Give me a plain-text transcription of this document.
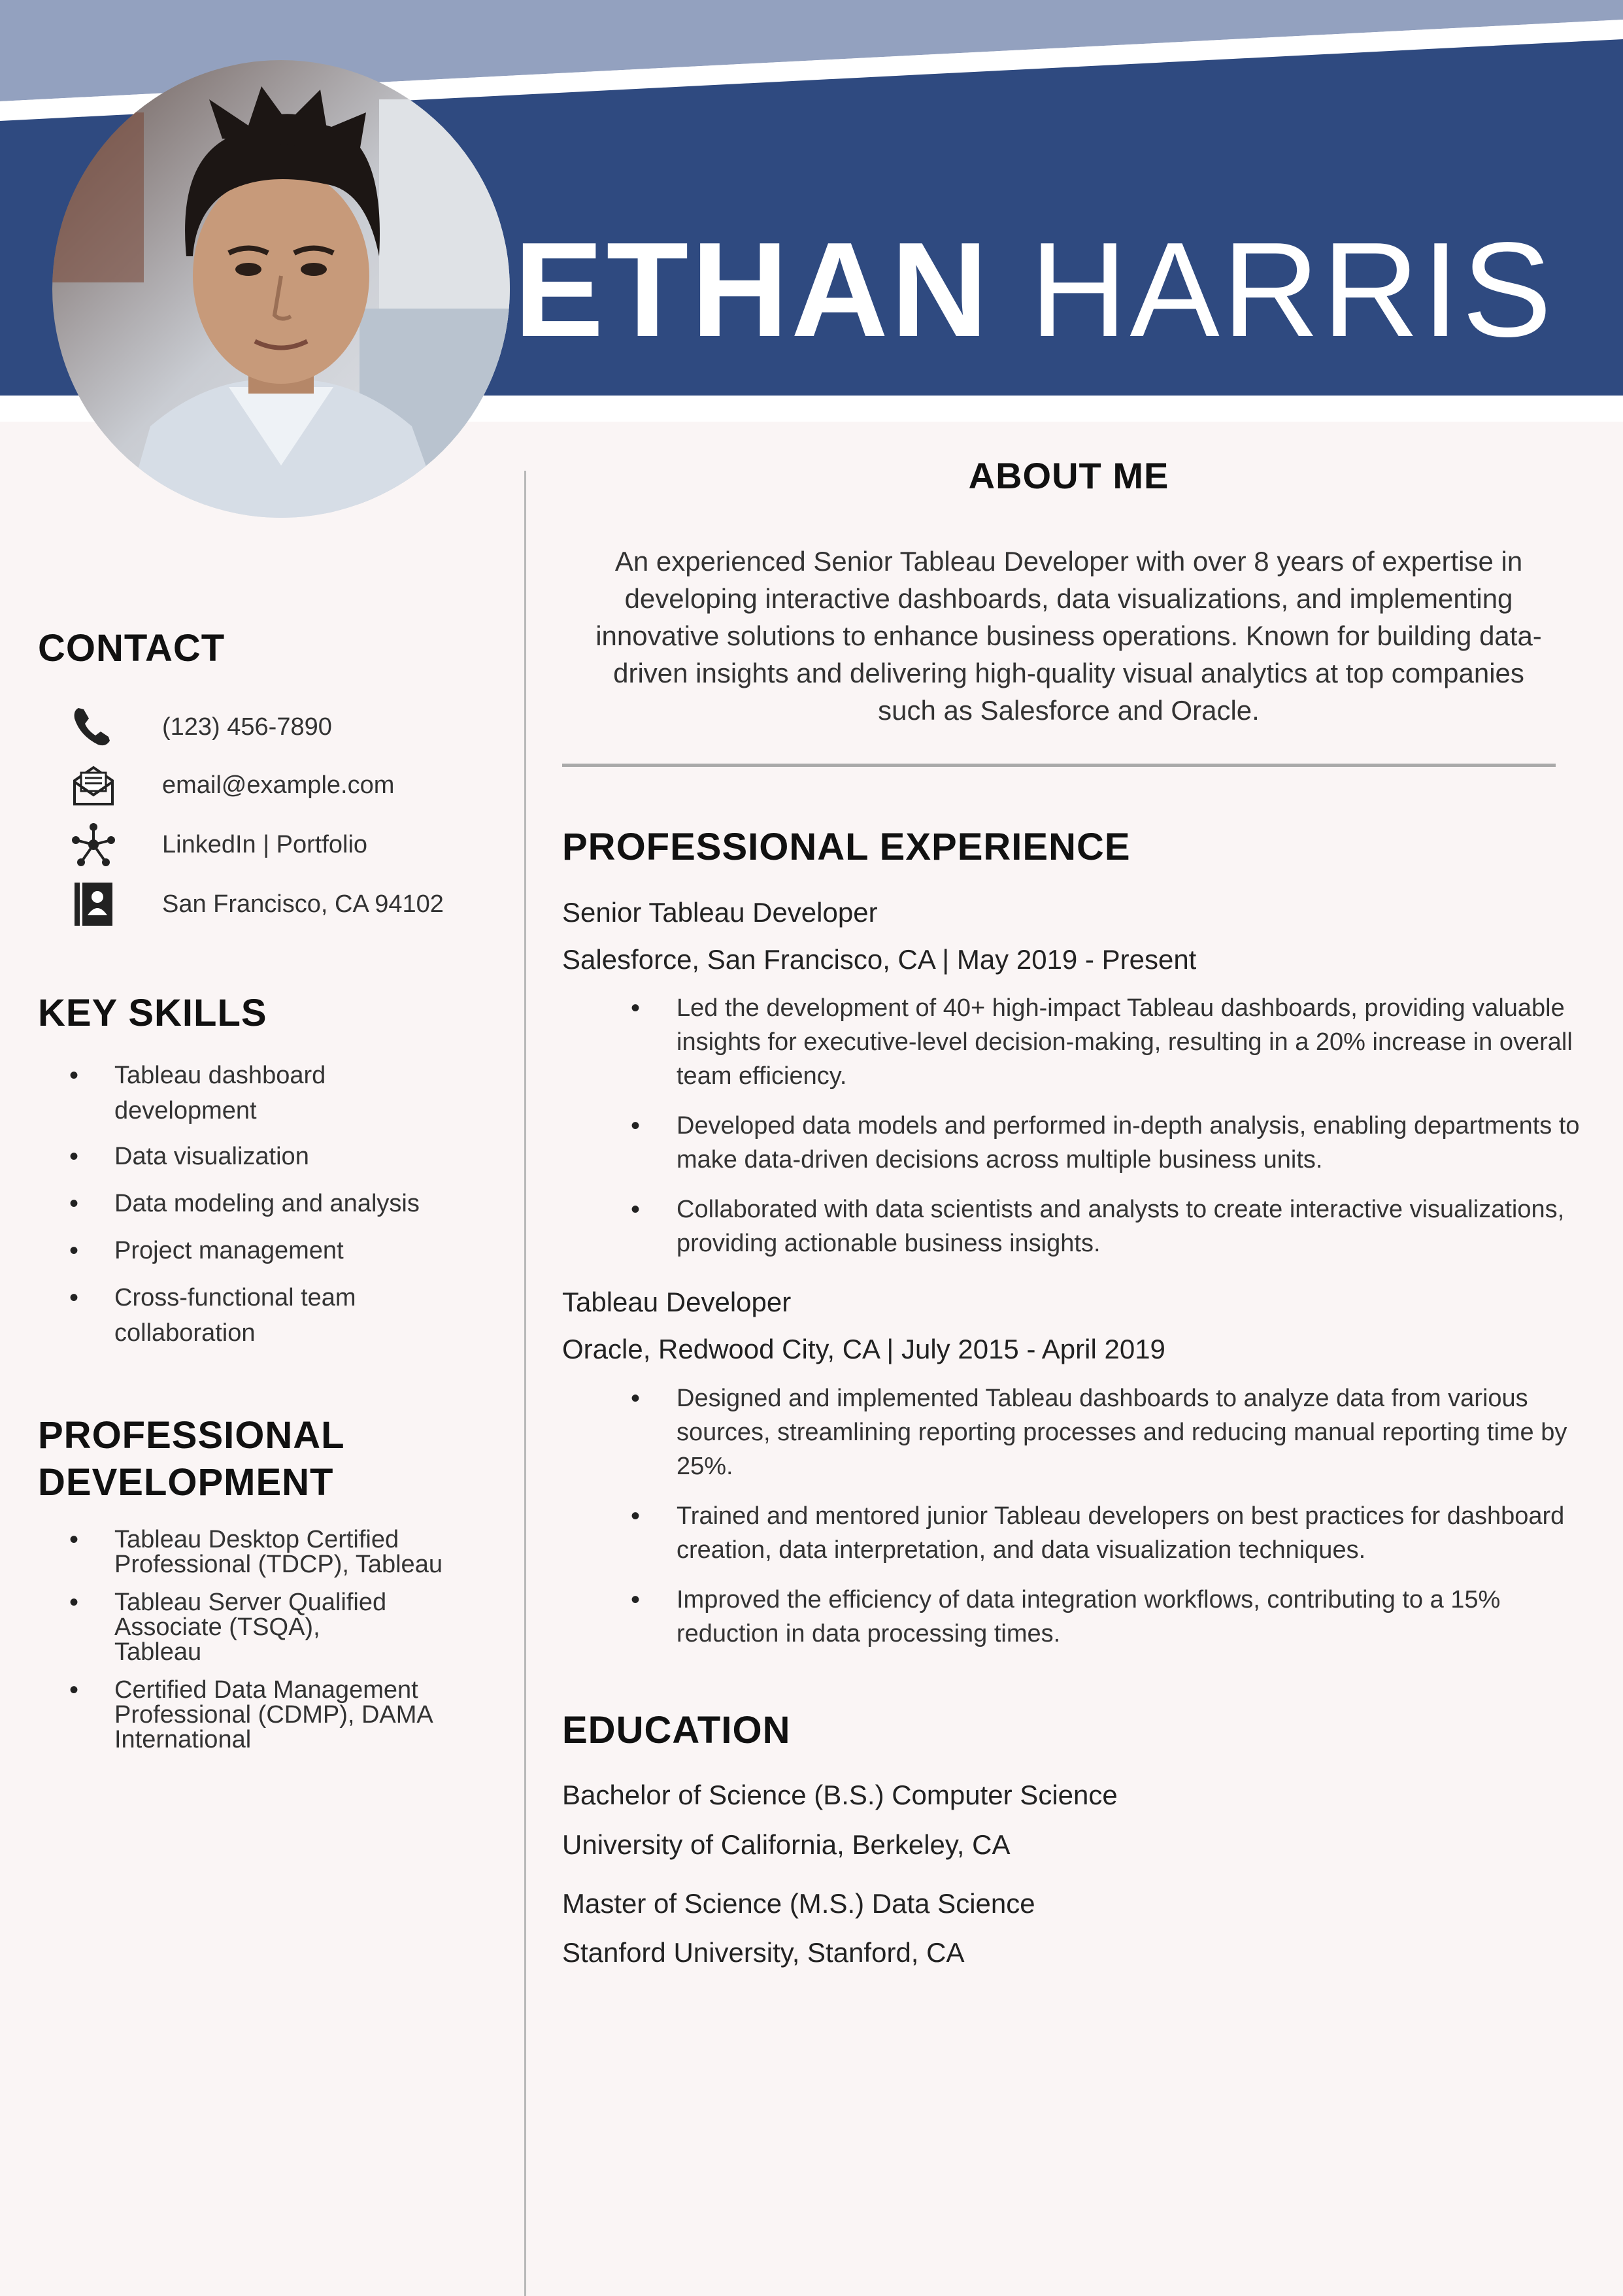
ETHAN HARRIS
CONTACT
(123) 456-7890
email@example.com
LinkedIn | Portfolio
San Francisco, CA 94102
KEY SKILLS
• Tableau dashboard development
• Data visualization
• Data modeling and analysis
• Project management
• Cross-functional team collaboration
PROFESSIONAL
DEVELOPMENT
• Tableau Desktop Certified Professional (TDCP), Tableau
• Tableau Server Qualified Associate (TSQA), Tableau
• Certified Data Management Professional (CDMP), DAMA International
ABOUT ME
An experienced Senior Tableau Developer with over 8 years of expertise in
developing interactive dashboards, data visualizations, and implementing
innovative solutions to enhance business operations. Known for building data-
driven insights and delivering high-quality visual analytics at top companies
such as Salesforce and Oracle.
PROFESSIONAL EXPERIENCE
Senior Tableau Developer
Salesforce, San Francisco, CA | May 2019 - Present
• Led the development of 40+ high-impact Tableau dashboards, providing valuable insights for executive-level decision-making, resulting in a 20% increase in overall team efficiency.
• Developed data models and performed in-depth analysis, enabling departments to make data-driven decisions across multiple business units.
• Collaborated with data scientists and analysts to create interactive visualizations, providing actionable business insights.
Tableau Developer
Oracle, Redwood City, CA | July 2015 - April 2019
• Designed and implemented Tableau dashboards to analyze data from various sources, streamlining reporting processes and reducing manual reporting time by 25%.
• Trained and mentored junior Tableau developers on best practices for dashboard creation, data interpretation, and data visualization techniques.
• Improved the efficiency of data integration workflows, contributing to a 15% reduction in data processing times.
EDUCATION
Bachelor of Science (B.S.) Computer Science
University of California, Berkeley, CA
Master of Science (M.S.) Data Science
Stanford University, Stanford, CA
